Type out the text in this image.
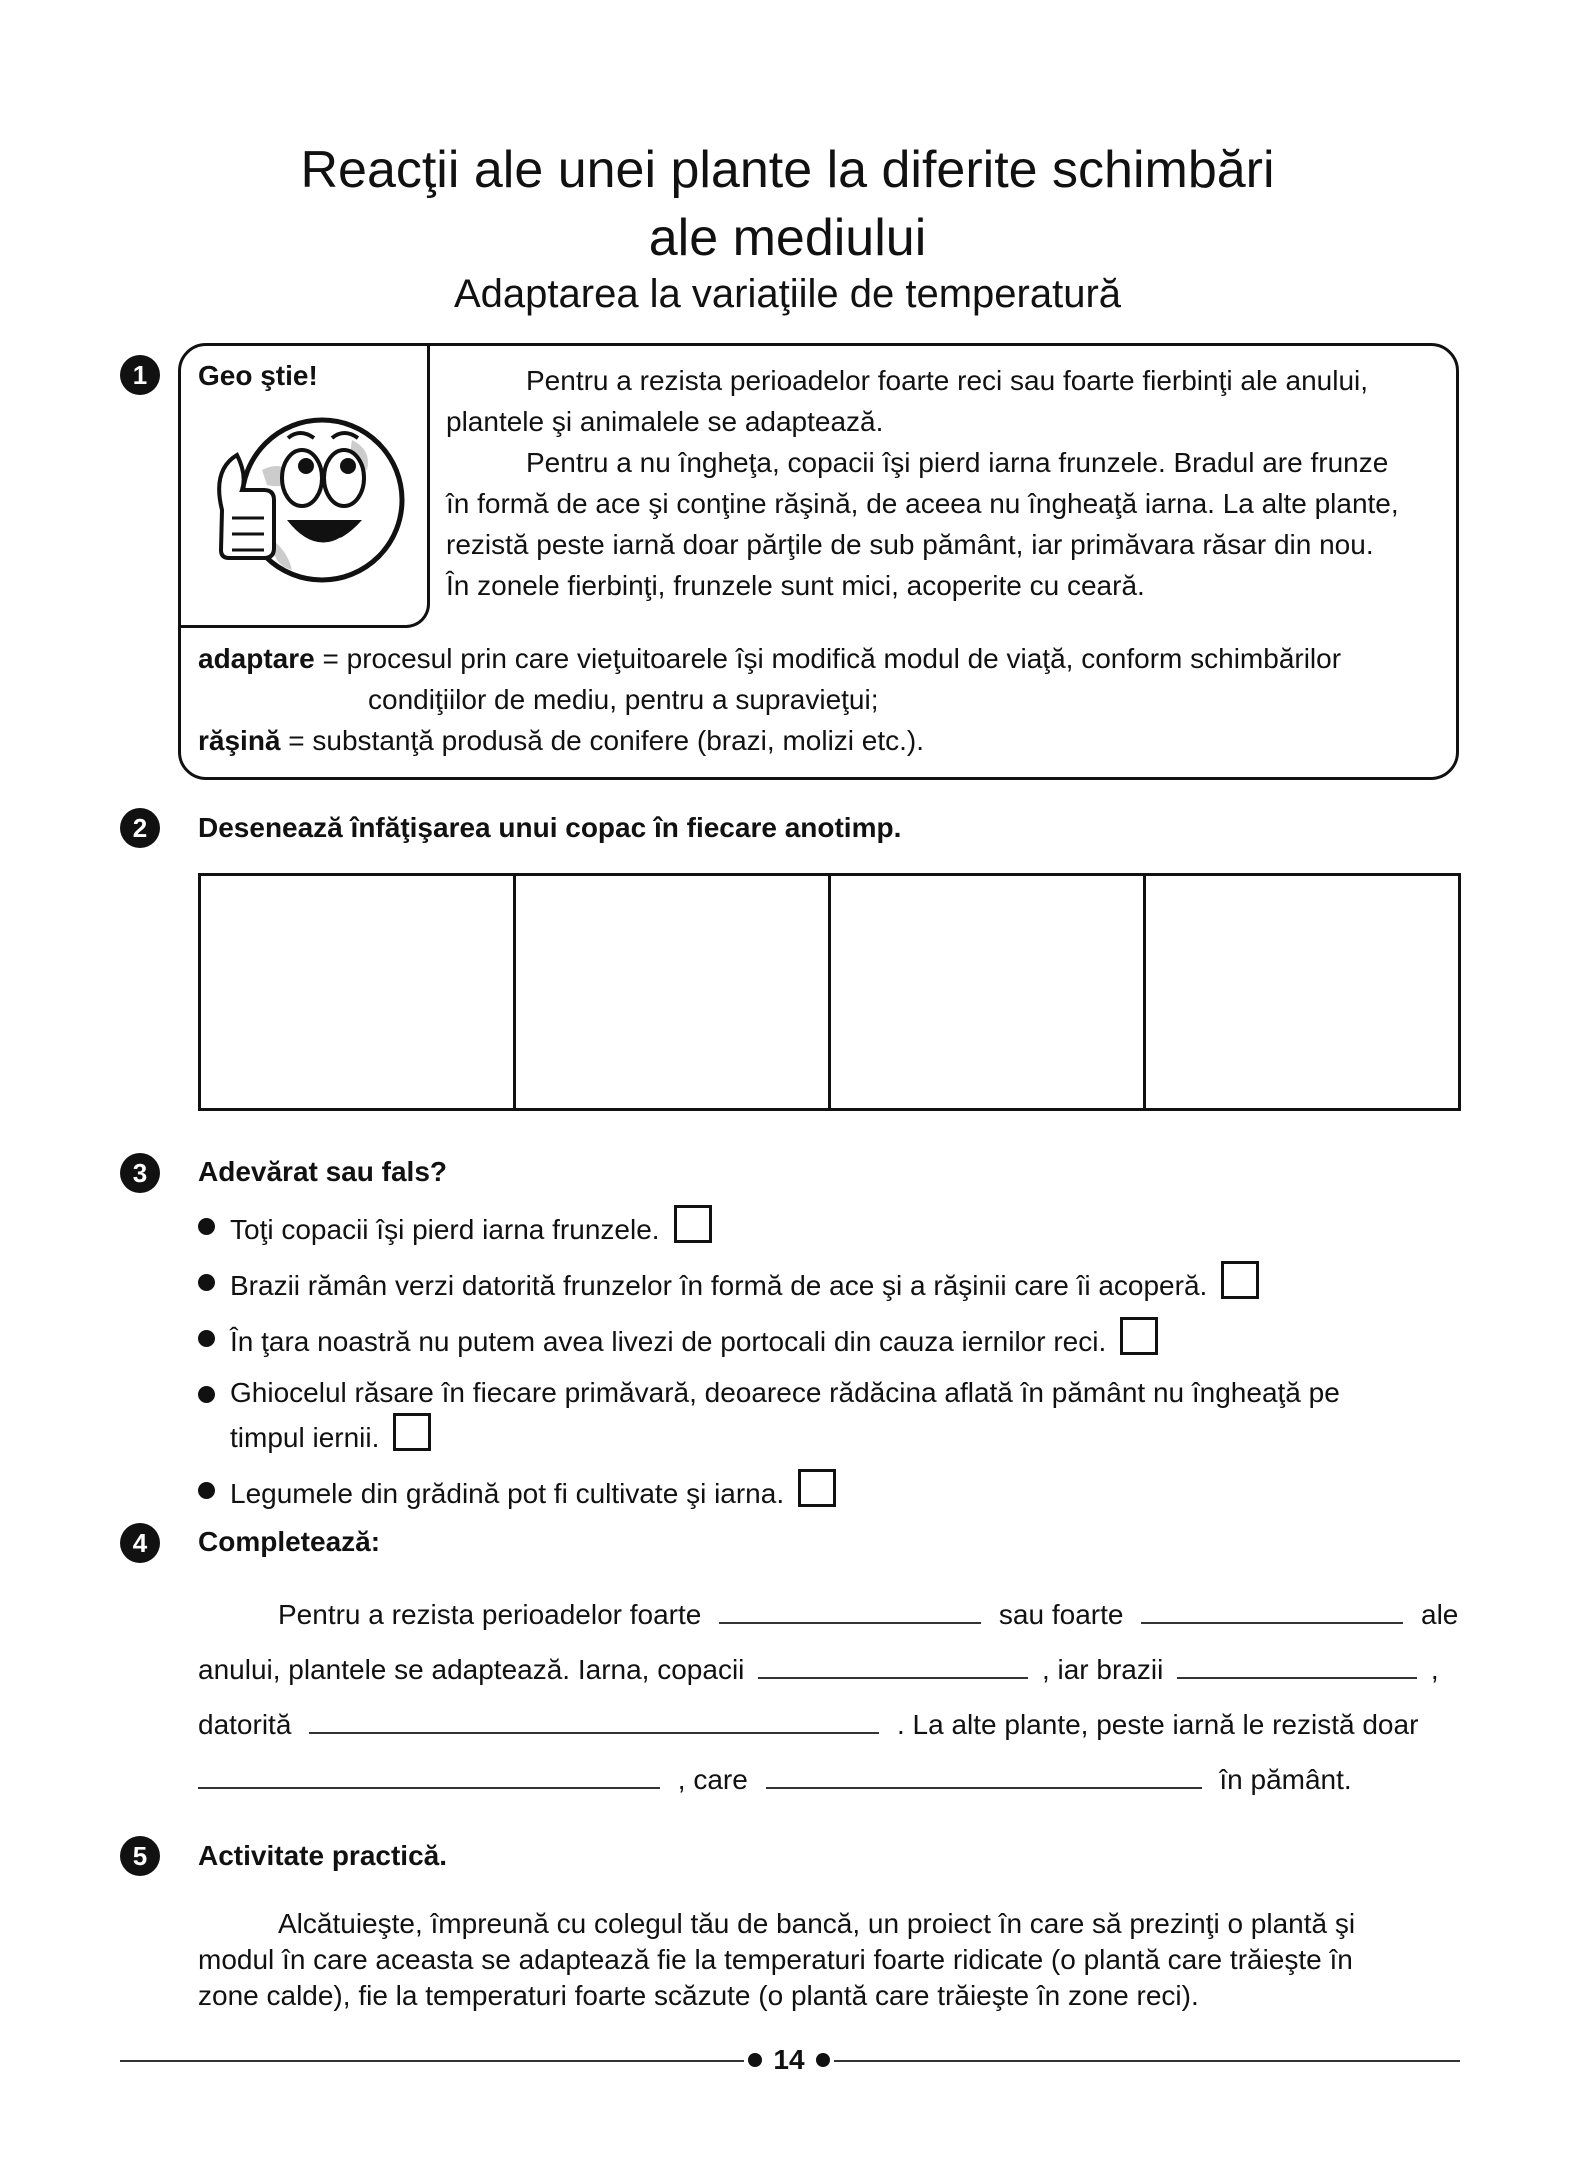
Reacţii ale unei plante la diferite schimbări
ale mediului
Adaptarea la variaţiile de temperatură
1	Geo ştie!	Pentru a rezista perioadelor foarte reci sau foarte fierbinţi ale anului,
plantele şi animalele se adaptează.
Pentru a nu îngheţa, copacii îşi pierd iarna frunzele. Bradul are frunze
în formă de ace şi conţine răşină, de aceea nu îngheaţă iarna. La alte plante,
rezistă peste iarnă doar părţile de sub pământ, iar primăvara răsar din nou.
În zonele fierbinţi, frunzele sunt mici, acoperite cu ceară.
adaptare = procesul prin care vieţuitoarele îşi modifică modul de viaţă, conform schimbărilor
condiţiilor de mediu, pentru a supravieţui;
răşină = substanţă produsă de conifere (brazi, molizi etc.).
2	Desenează înfăţişarea unui copac în fiecare anotimp.
3	Adevărat sau fals?
Toţi copacii îşi pierd iarna frunzele.
Brazii rămân verzi datorită frunzelor în formă de ace şi a răşinii care îi acoperă.
În ţara noastră nu putem avea livezi de portocali din cauza iernilor reci.
Ghiocelul răsare în fiecare primăvară, deoarece rădăcina aflată în pământ nu îngheaţă pe
timpul iernii.
Legumele din grădină pot fi cultivate şi iarna.
4	Completează:
Pentru a rezista perioadelor foarte	sau foarte	ale
anului, plantele se adaptează. Iarna, copacii	, iar brazii	,
datorită	. La alte plante, peste iarnă le rezistă doar
, care	în pământ.
5	Activitate practică.
Alcătuieşte, împreună cu colegul tău de bancă, un proiect în care să prezinţi o plantă şi
modul în care aceasta se adaptează fie la temperaturi foarte ridicate (o plantă care trăieşte în
zone calde), fie la temperaturi foarte scăzute (o plantă care trăieşte în zone reci).
14
